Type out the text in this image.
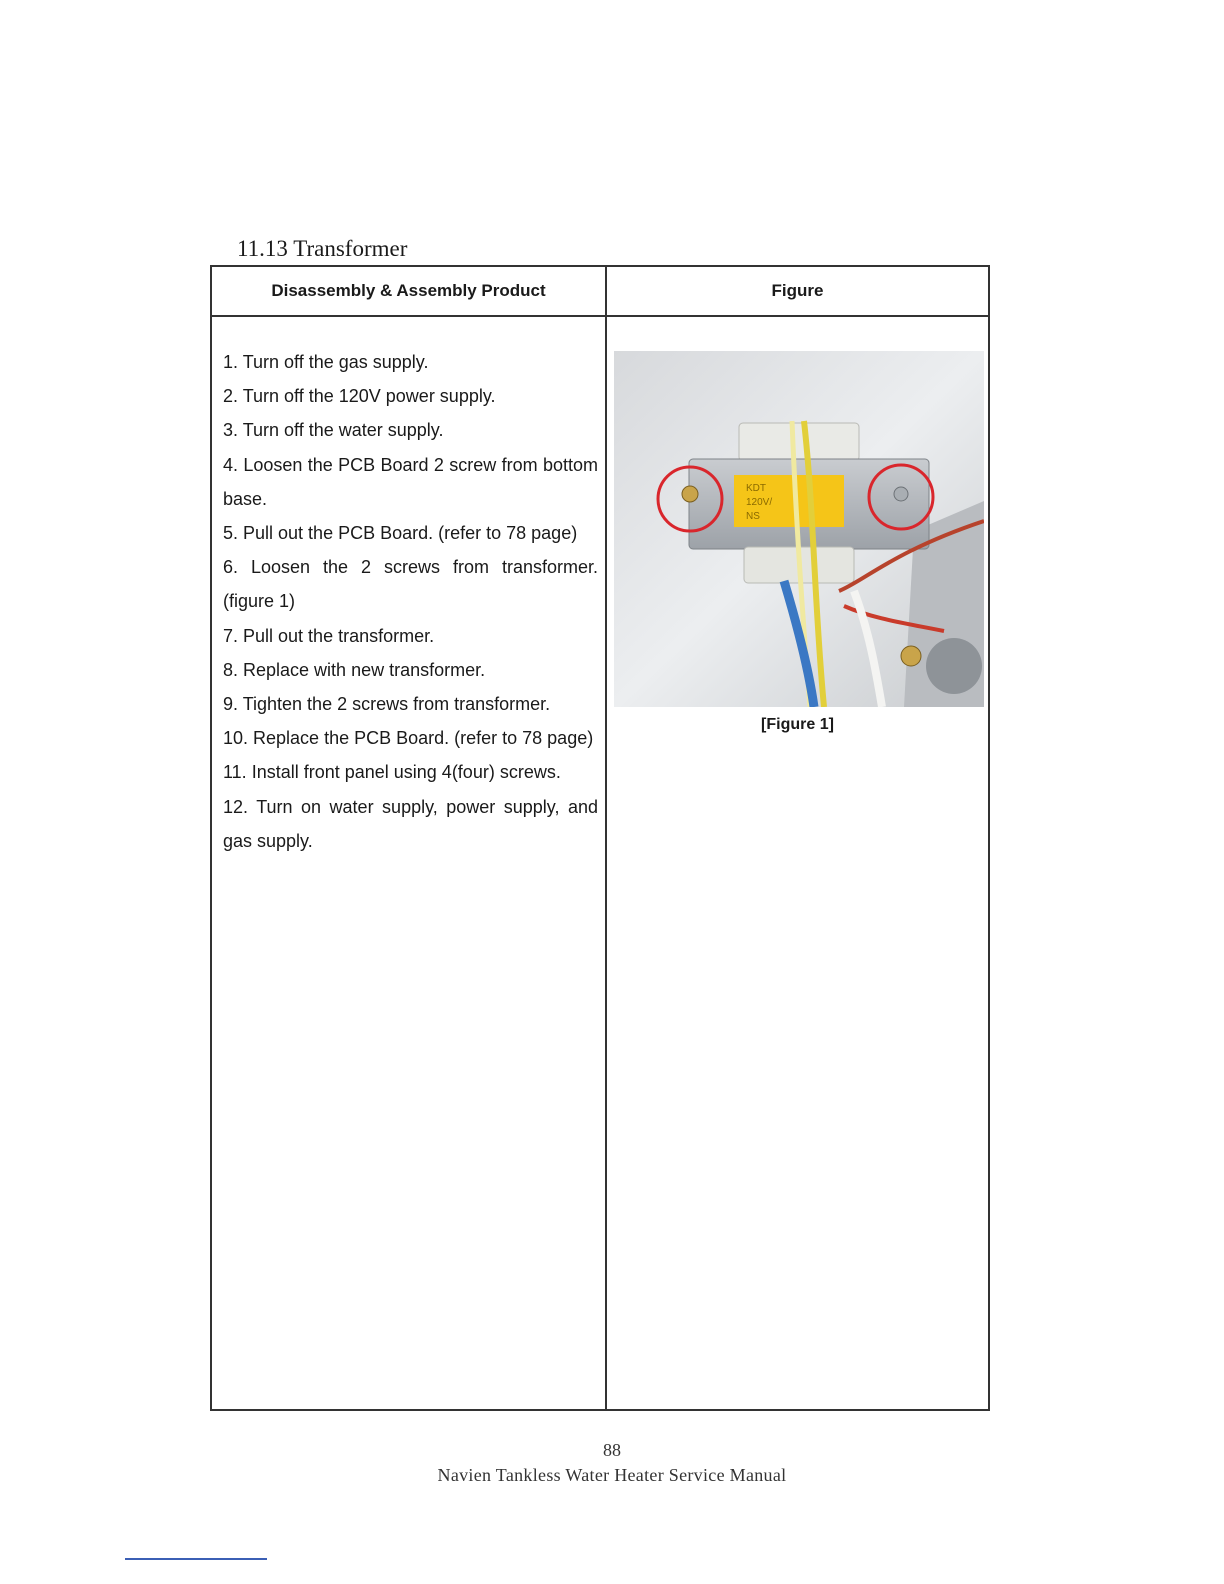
11.13 Transformer
Disassembly & Assembly Product	Figure
1. Turn off the gas supply.
2. Turn off the 120V power supply.
3. Turn off the water supply.
4. Loosen the PCB Board 2 screw from bottom base.
5. Pull out the PCB Board. (refer to 78 page)
6. Loosen the 2 screws from transformer. (figure 1)
7. Pull out the transformer.
8. Replace with new transformer.
9. Tighten the 2 screws from transformer.
10. Replace the PCB Board. (refer to 78 page)
11. Install front panel using 4(four) screws.
12. Turn on water supply, power supply, and gas supply.
KDT
120V/
NS
[Figure 1]
88
Navien Tankless Water Heater Service Manual
